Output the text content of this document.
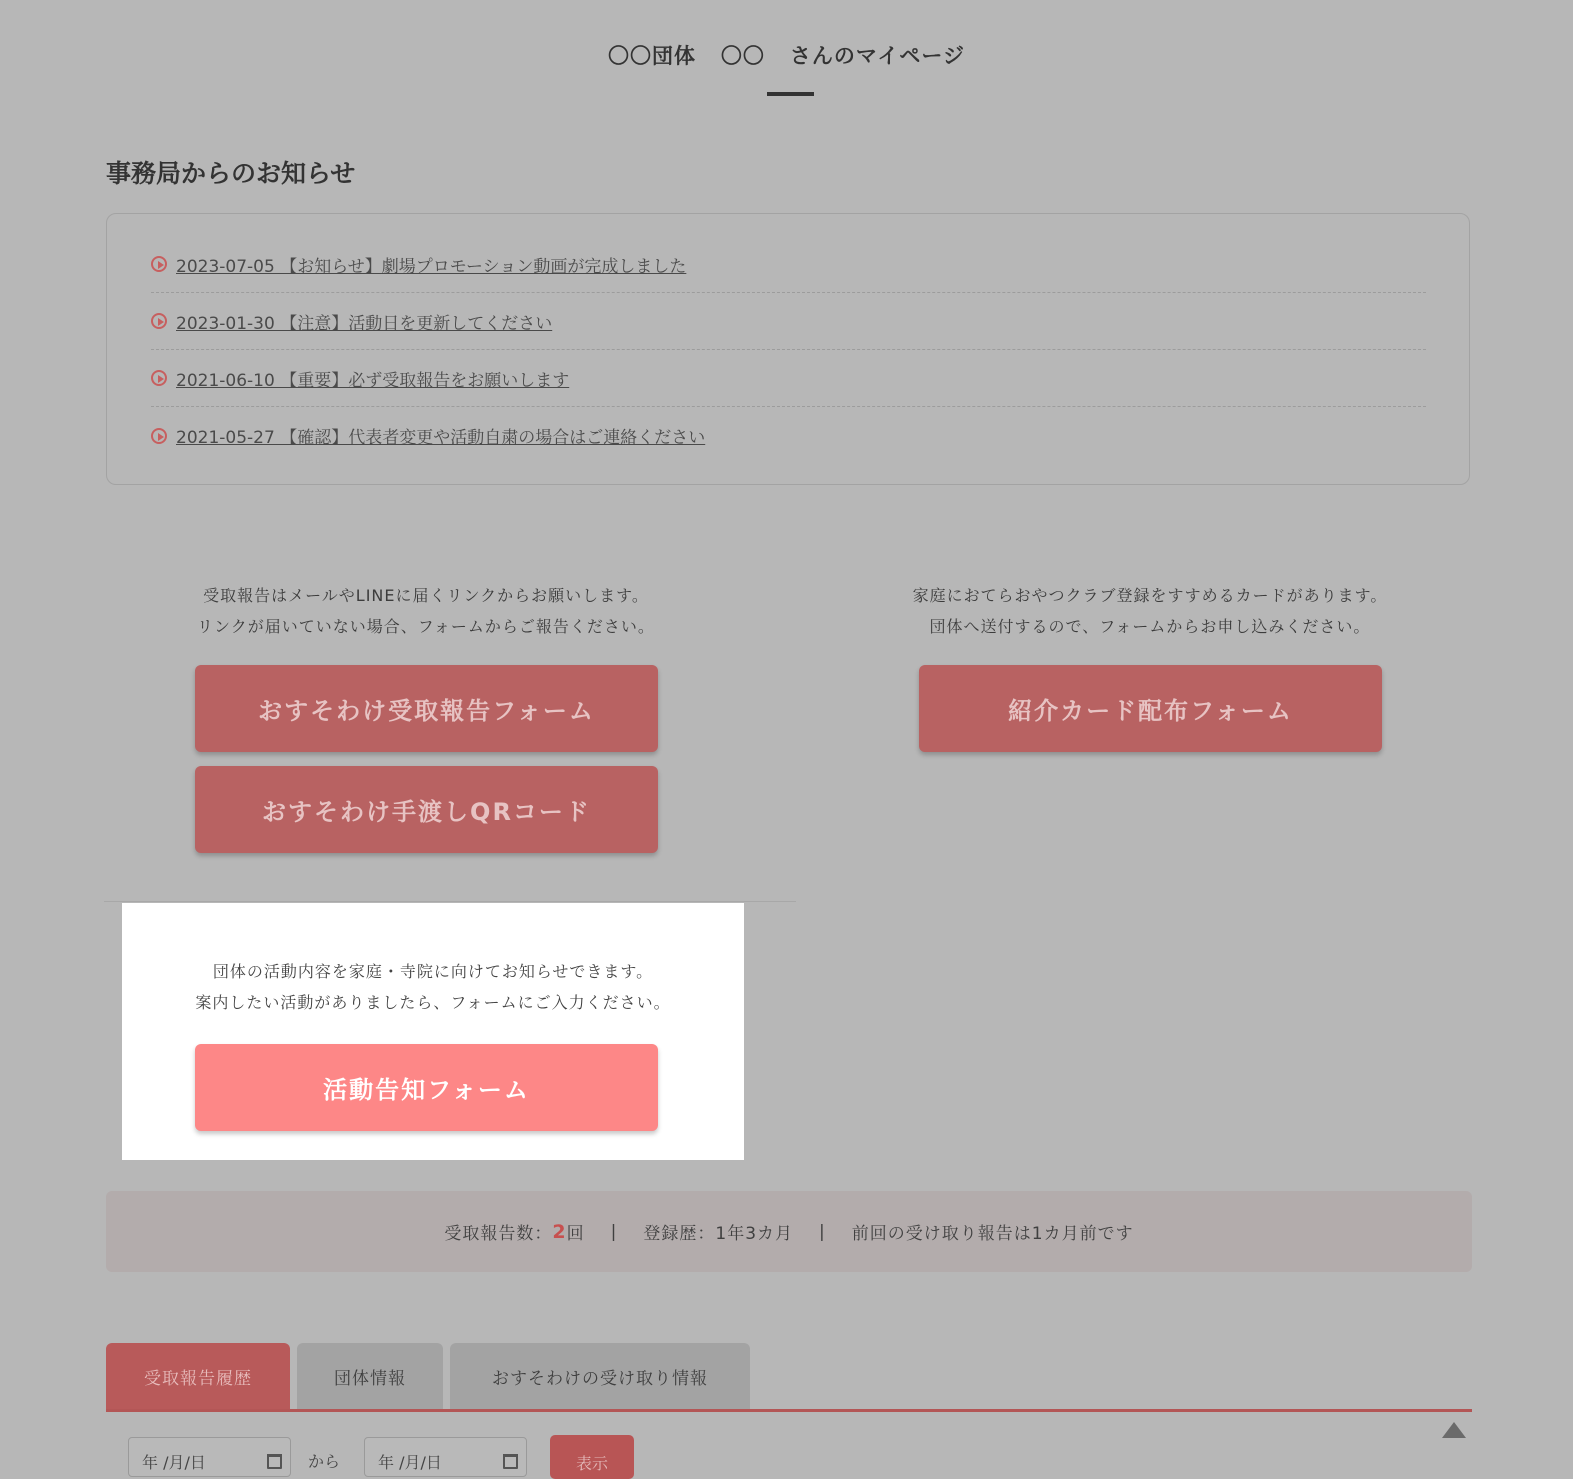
〇〇団体 〇〇 さんのマイページ
事務局からのお知らせ
2023-07-05 【お知らせ】劇場プロモーション動画が完成しました
2023-01-30 【注意】活動日を更新してください
2021-06-10 【重要】必ず受取報告をお願いします
2021-05-27 【確認】代表者変更や活動自粛の場合はご連絡ください
受取報告はメールやLINEに届くリンクからお願いします。
リンクが届いていない場合、フォームからご報告ください。
おすそわけ受取報告フォーム
おすそわけ手渡しQRコード
家庭におてらおやつクラブ登録をすすめるカードがあります。
団体へ送付するので、フォームからお申し込みください。
紹介カード配布フォーム
団体の活動内容を家庭・寺院に向けてお知らせできます。
案内したい活動がありましたら、フォームにご入力ください。
活動告知フォーム
受取報告数： 2 回 | 登録歴：1年3カ月 | 前回の受け取り報告は1カ月前です
受取報告履歴	団体情報	おすそわけの受け取り情報
年 /月/日	から	年 /月/日	表示
